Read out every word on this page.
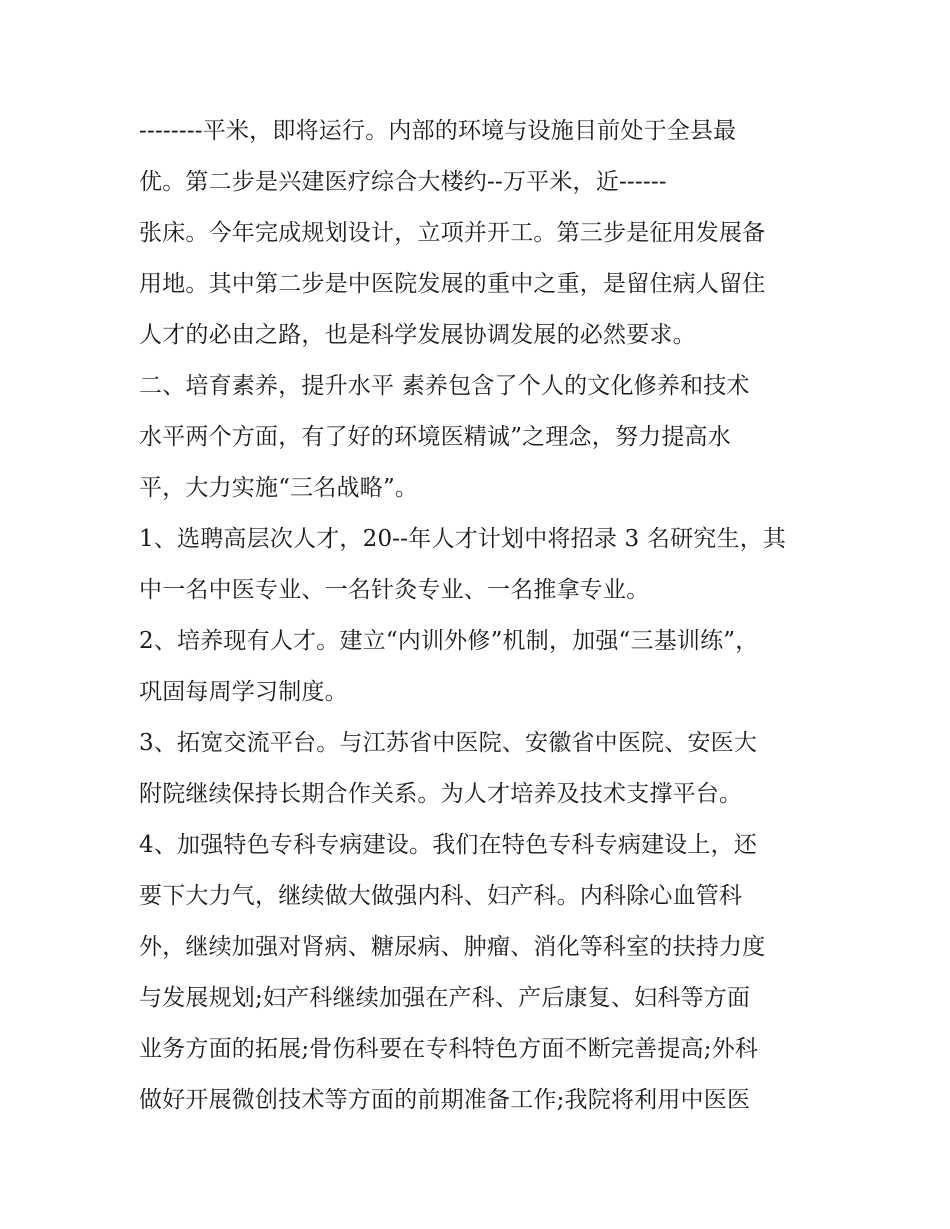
--------平米，即将运行。内部的环境与设施目前处于全县最
优。第二步是兴建医疗综合大楼约--万平米，近------
张床。今年完成规划设计，立项并开工。第三步是征用发展备
用地。其中第二步是中医院发展的重中之重，是留住病人留住
人才的必由之路，也是科学发展协调发展的必然要求。
二、培育素养，提升水平 素养包含了个人的文化修养和技术
水平两个方面，有了好的环境医精诚”之理念，努力提高水
平，大力实施“三名战略”。
1、选聘高层次人才，20--年人才计划中将招录 3 名研究生，其
中一名中医专业、一名针灸专业、一名推拿专业。
2、培养现有人才。建立“内训外修”机制，加强“三基训练”，
巩固每周学习制度。
3、拓宽交流平台。与江苏省中医院、安徽省中医院、安医大
附院继续保持长期合作关系。为人才培养及技术支撑平台。
4、加强特色专科专病建设。我们在特色专科专病建设上，还
要下大力气，继续做大做强内科、妇产科。内科除心血管科
外，继续加强对肾病、糖尿病、肿瘤、消化等科室的扶持力度
与发展规划;妇产科继续加强在产科、产后康复、妇科等方面
业务方面的拓展;骨伤科要在专科特色方面不断完善提高;外科
做好开展微创技术等方面的前期准备工作;我院将利用中医医
